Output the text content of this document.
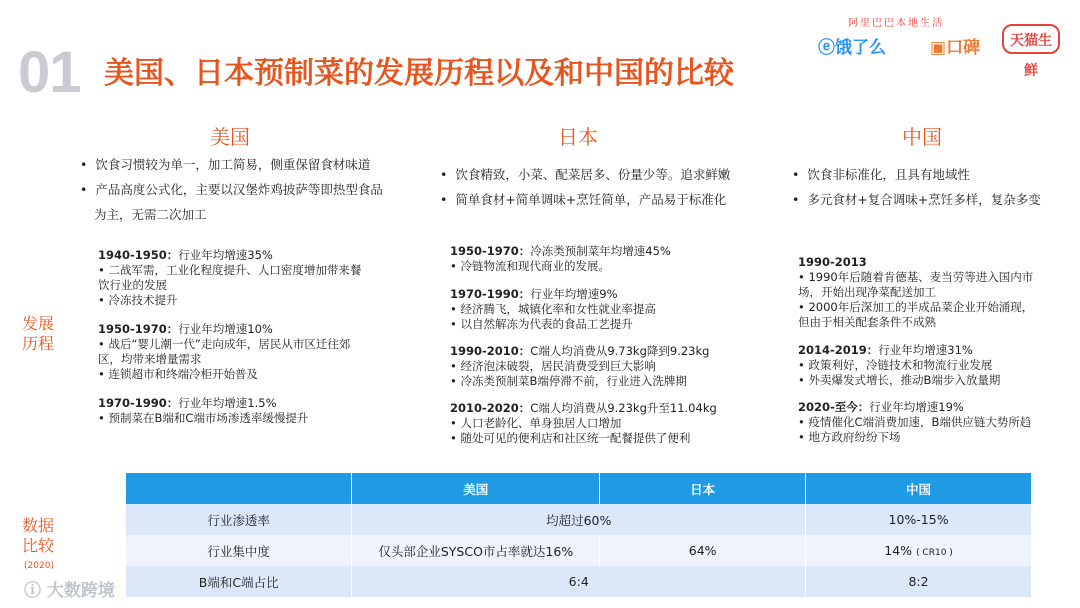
01 美国、日本预制菜的发展历程以及和中国的比较
阿里巴巴本地生活
ⓔ饿了么	▣口碑	天猫生鲜
发展历程
数据比较
(2020)
美国	日本	中国
•  饮食习惯较为单一，加工简易，侧重保留食材味道
•  产品高度公式化，主要以汉堡炸鸡披萨等即热型食品
为主，无需二次加工
•  饮食精致，小菜、配菜居多、份量少等。追求鲜嫩
•  简单食材+简单调味+烹饪简单，产品易于标准化
•  饮食非标准化，且具有地域性
•  多元食材+复合调味+烹饪多样，复杂多变
1940-1950：行业年均增速35%
• 二战军需，工业化程度提升、人口密度增加带来餐
饮行业的发展
• 冷冻技术提升
1950-1970：行业年均增速10%
• 战后“婴儿潮一代”走向成年，居民从市区迁往郊
区，均带来增量需求
• 连锁超市和终端冷柜开始普及
1970-1990：行业年均增速1.5%
• 预制菜在B端和C端市场渗透率缓慢提升
1950-1970：冷冻类预制菜年均增速45%
• 冷链物流和现代商业的发展。
1970-1990：行业年均增速9%
• 经济腾飞，城镇化率和女性就业率提高
• 以自然解冻为代表的食品工艺提升
1990-2010：C端人均消费从9.73kg降到9.23kg
• 经济泡沫破裂，居民消费受到巨大影响
• 冷冻类预制菜B端停滞不前，行业进入洗牌期
2010-2020：C端人均消费从9.23kg升至11.04kg
• 人口老龄化、单身独居人口增加
• 随处可见的便利店和社区统一配餐提供了便利
1990-2013
• 1990年后随着肯德基、麦当劳等进入国内市
场，开始出现净菜配送加工
• 2000年后深加工的半成品菜企业开始涌现，
但由于相关配套条件不成熟
2014-2019：行业年均增速31%
• 政策利好，冷链技术和物流行业发展
• 外卖爆发式增长，推动B端步入放量期
2020-至今：行业年均增速19%
• 疫情催化C端消费加速，B端供应链大势所趋
• 地方政府纷纷下场
	美国	日本	中国
行业渗透率	均超过60%		10%-15%
行业集中度	仅头部企业SYSCO市占率就达16%	64%	14% ( CR10 )
B端和C端占比	6:4		8:2
ⓘ 大数跨境
